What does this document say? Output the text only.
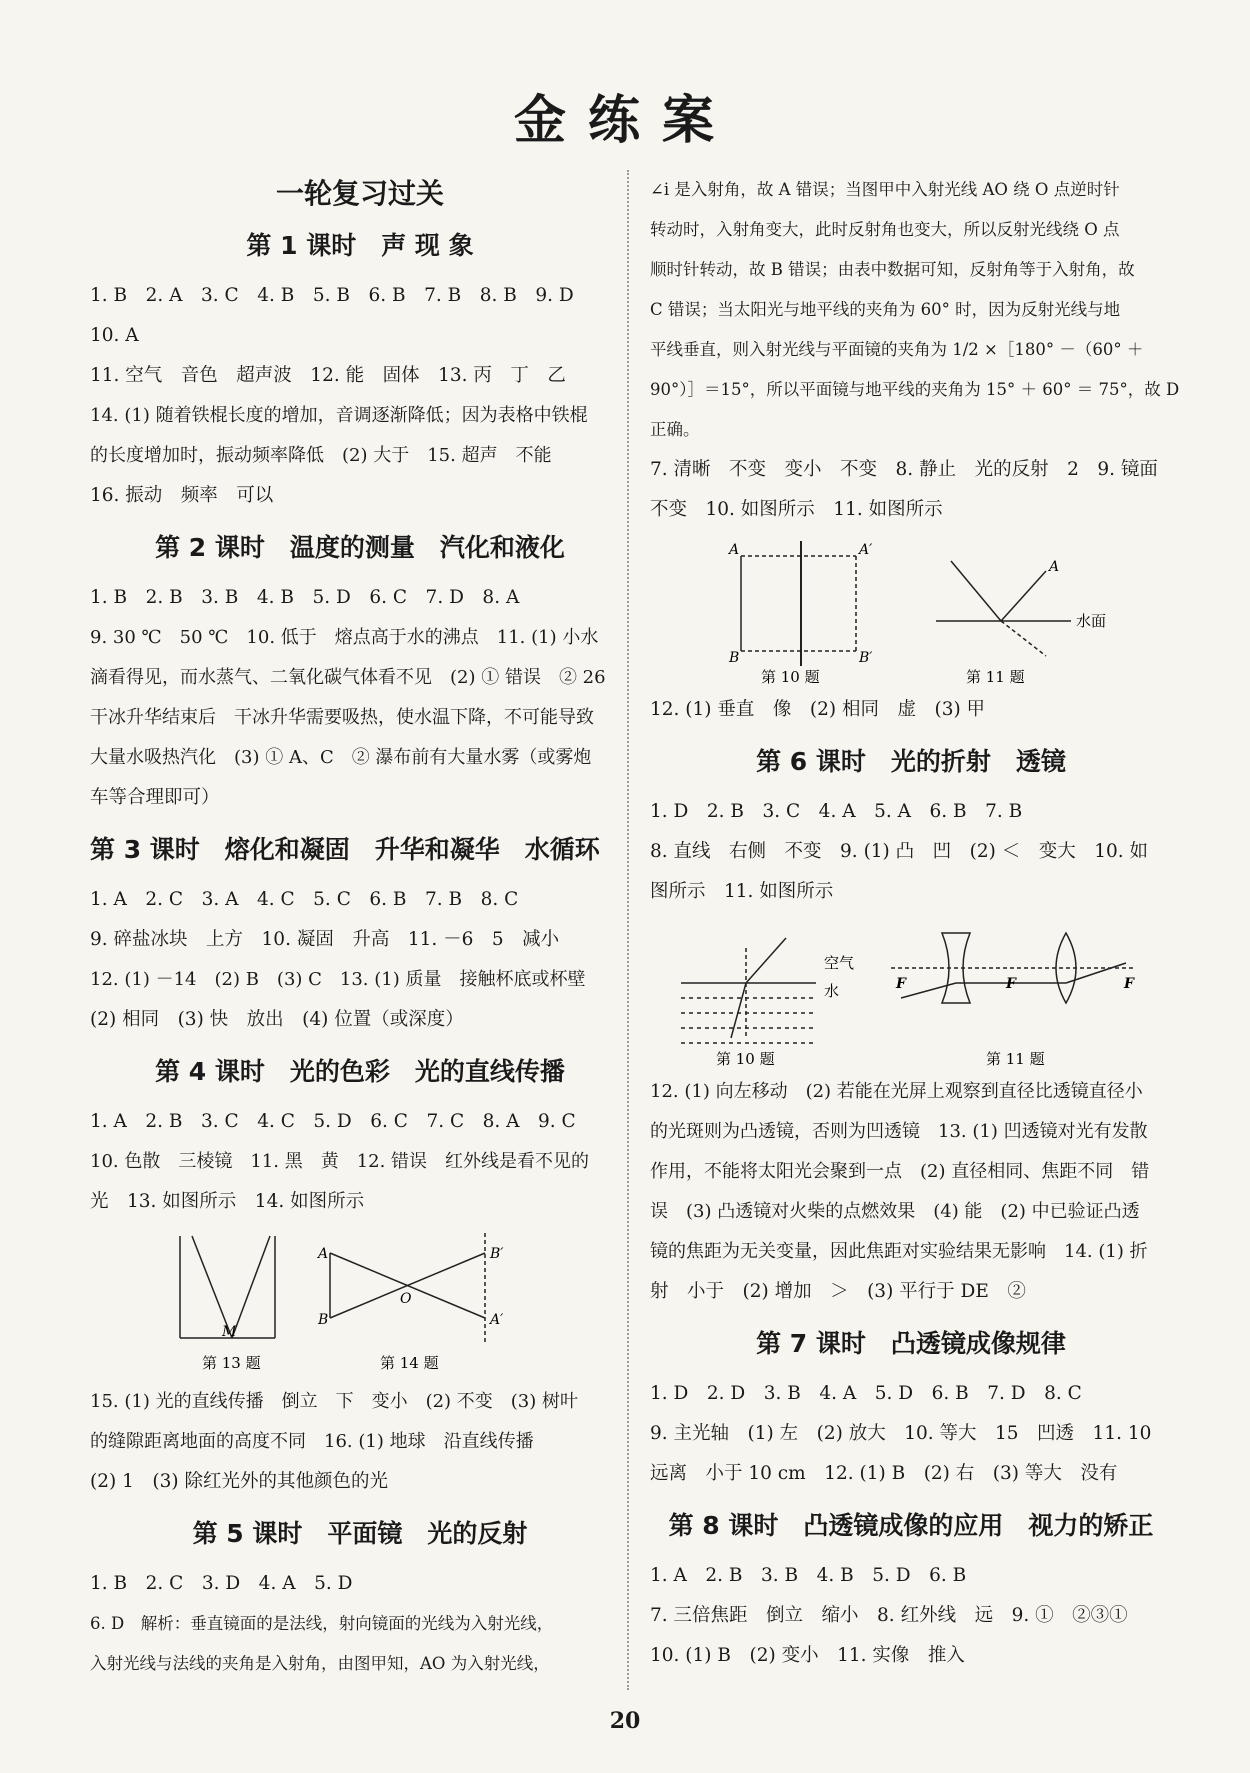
金练案
一轮复习过关
第 1 课时　声 现 象
1. B　2. A　3. C　4. B　5. B　6. B　7. B　8. B　9. D
10. A
11. 空气　音色　超声波　12. 能　固体　13. 丙　丁　乙
14. (1) 随着铁棍长度的增加，音调逐渐降低；因为表格中铁棍
的长度增加时，振动频率降低　(2) 大于　15. 超声　不能
16. 振动　频率　可以
第 2 课时　温度的测量　汽化和液化
1. B　2. B　3. B　4. B　5. D　6. C　7. D　8. A
9. 30 ℃　50 ℃　10. 低于　熔点高于水的沸点　11. (1) 小水
滴看得见，而水蒸气、二氧化碳气体看不见　(2) ① 错误　② 26
干冰升华结束后　干冰升华需要吸热，使水温下降，不可能导致
大量水吸热汽化　(3) ① A、C　② 瀑布前有大量水雾（或雾炮
车等合理即可）
第 3 课时　熔化和凝固　升华和凝华　水循环
1. A　2. C　3. A　4. C　5. C　6. B　7. B　8. C
9. 碎盐冰块　上方　10. 凝固　升高　11. －6　5　减小
12. (1) －14　(2) B　(3) C　13. (1) 质量　接触杯底或杯壁
(2) 相同　(3) 快　放出　(4) 位置（或深度）
第 4 课时　光的色彩　光的直线传播
1. A　2. B　3. C　4. C　5. D　6. C　7. C　8. A　9. C
10. 色散　三棱镜　11. 黑　黄　12. 错误　红外线是看不见的
光　13. 如图所示　14. 如图所示
M
第 13 题
A
B
O
B′
A′
第 14 题
15. (1) 光的直线传播　倒立　下　变小　(2) 不变　(3) 树叶
的缝隙距离地面的高度不同　16. (1) 地球　沿直线传播
(2) 1　(3) 除红光外的其他颜色的光
第 5 课时　平面镜　光的反射
1. B　2. C　3. D　4. A　5. D
6. D　解析：垂直镜面的是法线，射向镜面的光线为入射光线，
入射光线与法线的夹角是入射角，由图甲知，AO 为入射光线，
∠i 是入射角，故 A 错误；当图甲中入射光线 AO 绕 O 点逆时针
转动时，入射角变大，此时反射角也变大，所以反射光线绕 O 点
顺时针转动，故 B 错误；由表中数据可知，反射角等于入射角，故
C 错误；当太阳光与地平线的夹角为 60° 时，因为反射光线与地
平线垂直，则入射光线与平面镜的夹角为 1/2 ×［180° －（60° ＋
90°）］＝15°，所以平面镜与地平线的夹角为 15° ＋ 60° ＝ 75°，故 D
正确。
7. 清晰　不变　变小　不变　8. 静止　光的反射　2　9. 镜面
不变　10. 如图所示　11. 如图所示
A	A′
B	B′
第 10 题
A
水面
第 11 题
12. (1) 垂直　像　(2) 相同　虚　(3) 甲
第 6 课时　光的折射　透镜
1. D　2. B　3. C　4. A　5. A　6. B　7. B
8. 直线　右侧　不变　9. (1) 凸　凹　(2) ＜　变大　10. 如
图所示　11. 如图所示
空气
水
第 10 题
F	F	F
第 11 题
12. (1) 向左移动　(2) 若能在光屏上观察到直径比透镜直径小
的光斑则为凸透镜，否则为凹透镜　13. (1) 凹透镜对光有发散
作用，不能将太阳光会聚到一点　(2) 直径相同、焦距不同　错
误　(3) 凸透镜对火柴的点燃效果　(4) 能　(2) 中已验证凸透
镜的焦距为无关变量，因此焦距对实验结果无影响　14. (1) 折
射　小于　(2) 增加　＞　(3) 平行于 DE　②
第 7 课时　凸透镜成像规律
1. D　2. D　3. B　4. A　5. D　6. B　7. D　8. C
9. 主光轴　(1) 左　(2) 放大　10. 等大　15　凹透　11. 10
远离　小于 10 cm　12. (1) B　(2) 右　(3) 等大　没有
第 8 课时　凸透镜成像的应用　视力的矫正
1. A　2. B　3. B　4. B　5. D　6. B
7. 三倍焦距　倒立　缩小　8. 红外线　远　9. ①　②③①
10. (1) B　(2) 变小　11. 实像　推入
20
